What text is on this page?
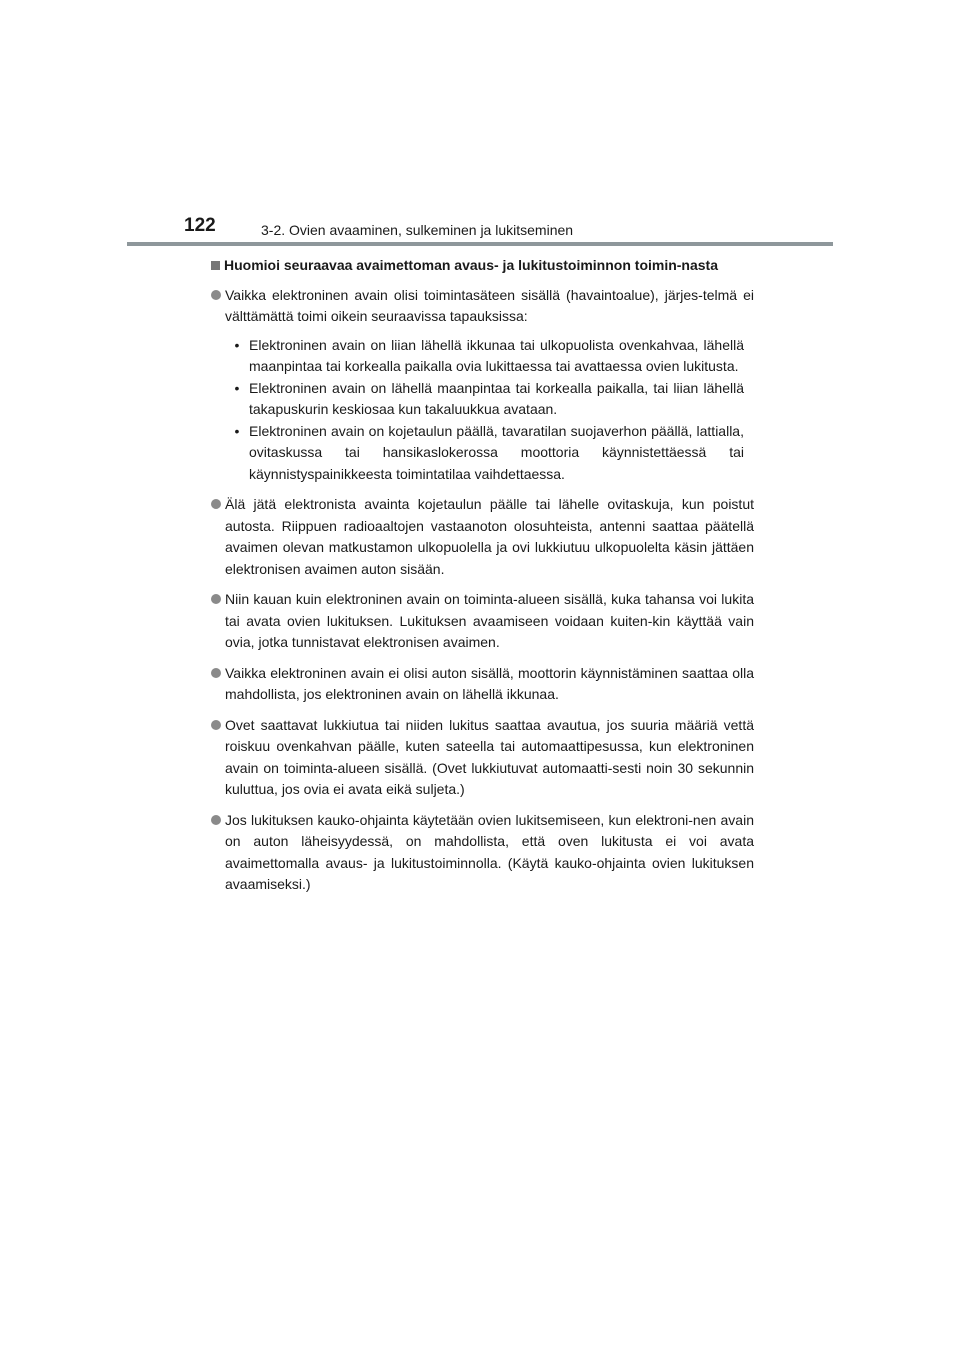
122	3-2. Ovien avaaminen, sulkeminen ja lukitseminen
Huomioi seuraavaa avaimettoman avaus- ja lukitustoiminnon toimin-nasta
Vaikka elektroninen avain olisi toimintasäteen sisällä (havaintoalue), järjes-telmä ei välttämättä toimi oikein seuraavissa tapauksissa:
• Elektroninen avain on liian lähellä ikkunaa tai ulkopuolista ovenkahvaa, lähellä maanpintaa tai korkealla paikalla ovia lukittaessa tai avattaessa ovien lukitusta.
• Elektroninen avain on lähellä maanpintaa tai korkealla paikalla, tai liian lähellä takapuskurin keskiosaa kun takaluukkua avataan.
• Elektroninen avain on kojetaulun päällä, tavaratilan suojaverhon päällä, lattialla, ovitaskussa tai hansikaslokerossa moottoria käynnistettäessä tai käynnistyspainikkeesta toimintatilaa vaihdettaessa.
Älä jätä elektronista avainta kojetaulun päälle tai lähelle ovitaskuja, kun poistut autosta. Riippuen radioaaltojen vastaanoton olosuhteista, antenni saattaa päätellä avaimen olevan matkustamon ulkopuolella ja ovi lukkiutuu ulkopuolelta käsin jättäen elektronisen avaimen auton sisään.
Niin kauan kuin elektroninen avain on toiminta-alueen sisällä, kuka tahansa voi lukita tai avata ovien lukituksen. Lukituksen avaamiseen voidaan kuiten-kin käyttää vain ovia, jotka tunnistavat elektronisen avaimen.
Vaikka elektroninen avain ei olisi auton sisällä, moottorin käynnistäminen saattaa olla mahdollista, jos elektroninen avain on lähellä ikkunaa.
Ovet saattavat lukkiutua tai niiden lukitus saattaa avautua, jos suuria määriä vettä roiskuu ovenkahvan päälle, kuten sateella tai automaattipesussa, kun elektroninen avain on toiminta-alueen sisällä. (Ovet lukkiutuvat automaatti-sesti noin 30 sekunnin kuluttua, jos ovia ei avata eikä suljeta.)
Jos lukituksen kauko-ohjainta käytetään ovien lukitsemiseen, kun elektroni-nen avain on auton läheisyydessä, on mahdollista, että oven lukitusta ei voi avata avaimettomalla avaus- ja lukitustoiminnolla. (Käytä kauko-ohjainta ovien lukituksen avaamiseksi.)
